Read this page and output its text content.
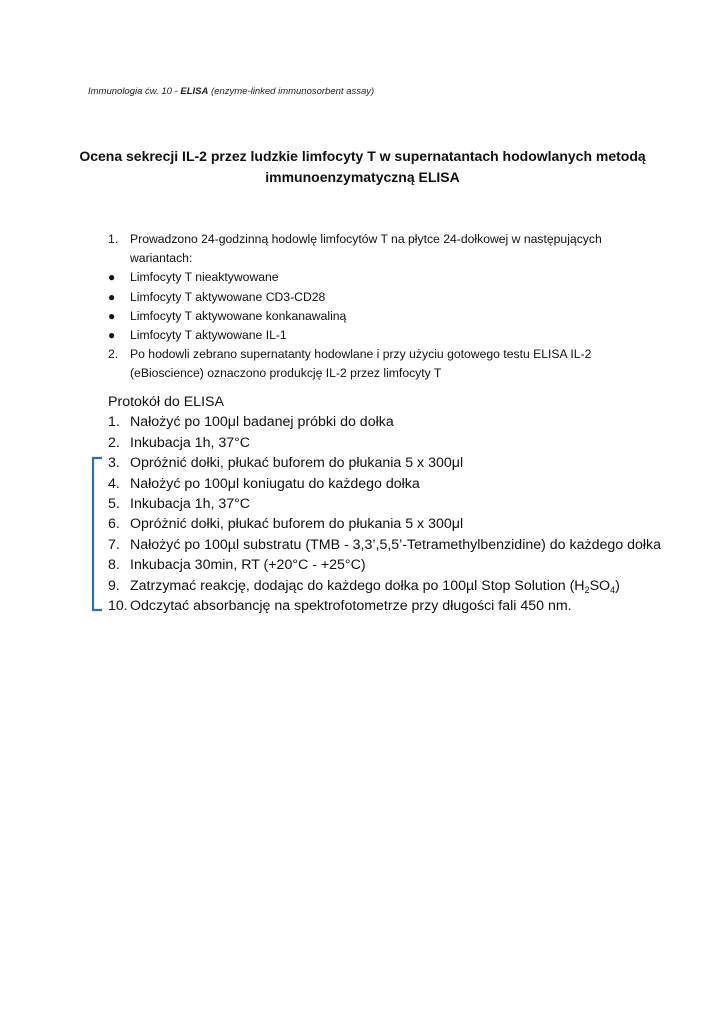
Immunologia ćw. 10 - ELISA (enzyme-linked immunosorbent assay)
Ocena sekrecji IL-2 przez ludzkie limfocyty T w supernatantach hodowlanych metodą
immunoenzymatyczną ELISA
1. Prowadzono 24-godzinną hodowlę limfocytów T na płytce 24-dołkowej w następujących
wariantach:
●	Limfocyty T nieaktywowane
●	Limfocyty T aktywowane CD3-CD28
●	Limfocyty T aktywowane konkanawaliną
●	Limfocyty T aktywowane IL-1
2. Po hodowli zebrano supernatanty hodowlane i przy użyciu gotowego testu ELISA IL-2
(eBioscience) oznaczono produkcję IL-2 przez limfocyty T
Protokół do ELISA
1. Nałożyć po 100μl badanej próbki do dołka
2. Inkubacja 1h, 37°C
3. Opróżnić dołki, płukać buforem do płukania 5 x 300μl
4. Nałożyć po 100μl koniugatu do każdego dołka
5. Inkubacja 1h, 37°C
6. Opróżnić dołki, płukać buforem do płukania 5 x 300μl
7. Nałożyć po 100µl substratu (TMB - 3,3’,5,5’-Tetramethylbenzidine) do każdego dołka
8. Inkubacja 30min, RT (+20°C - +25°C)
9. Zatrzymać reakcję, dodając do każdego dołka po 100µl Stop Solution $(H_2SO_4)$
10. Odczytać absorbancję na spektrofotometrze przy długości fali 450 nm.
